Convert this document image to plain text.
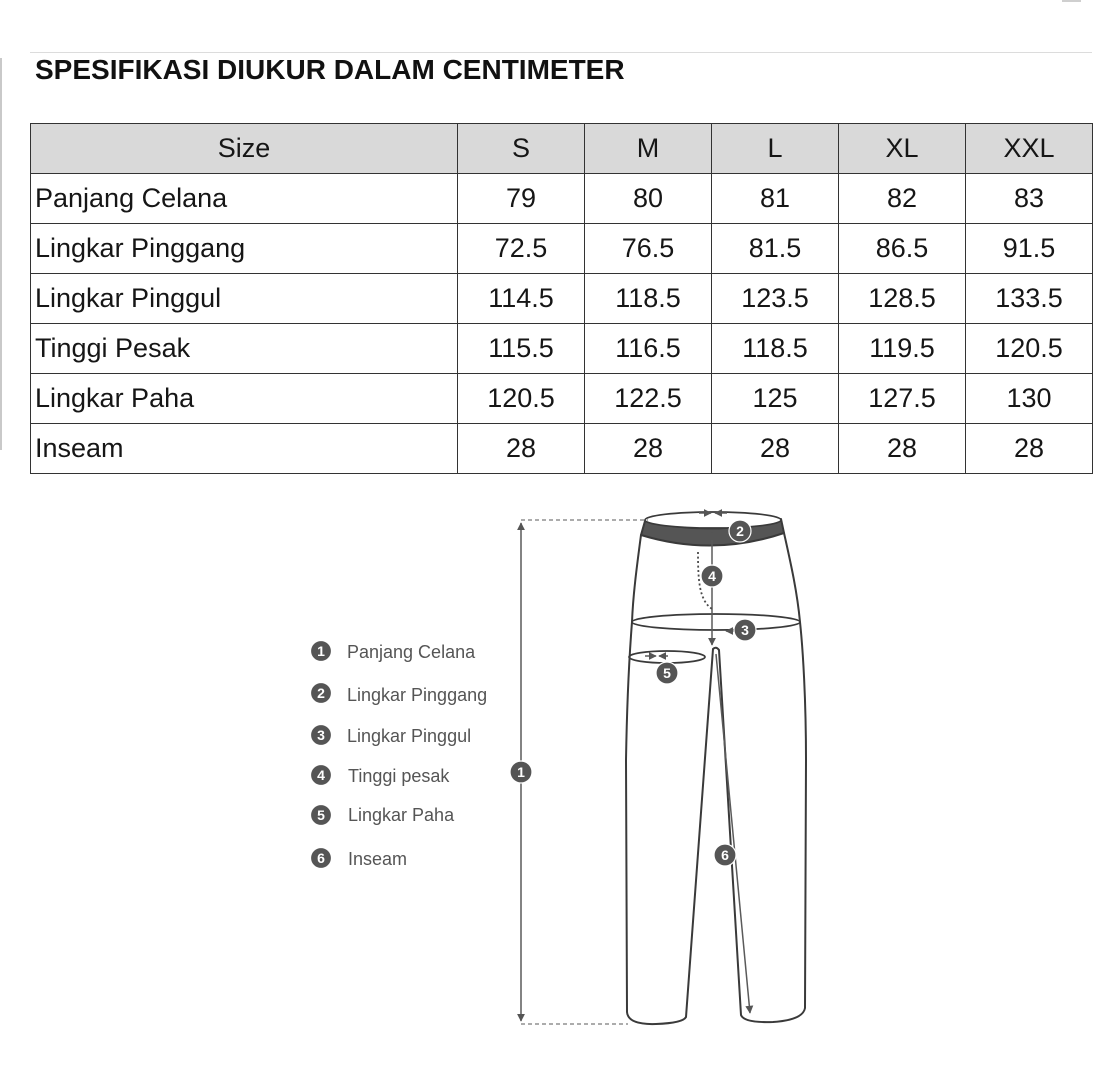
SPESIFIKASI DIUKUR DALAM CENTIMETER
Size	S	M	L	XL	XXL
Panjang Celana	79	80	81	82	83
Lingkar Pinggang	72.5	76.5	81.5	86.5	91.5
Lingkar Pinggul	114.5	118.5	123.5	128.5	133.5
Tinggi Pesak	115.5	116.5	118.5	119.5	120.5
Lingkar Paha	120.5	122.5	125	127.5	130
Inseam	28	28	28	28	28
1 Panjang Celana
2 Lingkar Pinggang
3 Lingkar Pinggul
4 Tinggi pesak
5 Lingkar Paha
6 Inseam
1
2
3
4
5
6
